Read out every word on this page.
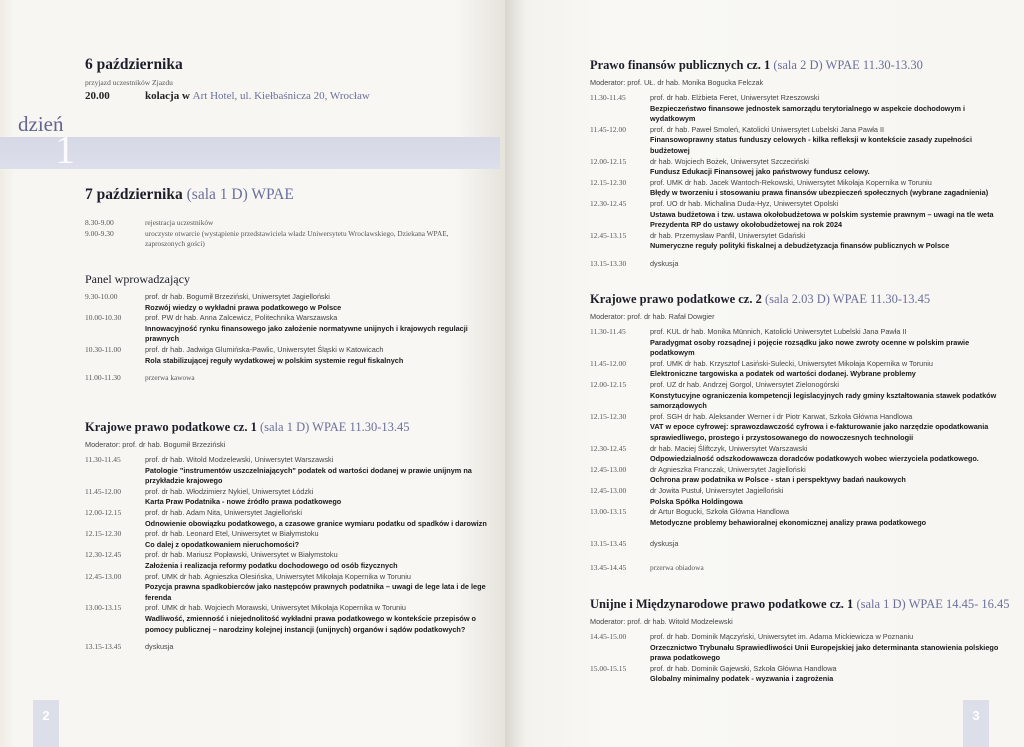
6 października
przyjazd uczestników Zjazdu
20.00	kolacja w Art Hotel, ul. Kiełbaśnicza 20, Wrocław
dzień
1
7 października (sala 1 D) WPAE
8.30-9.00	rejestracja uczestników
9.00-9.30	uroczyste otwarcie (wystąpienie przedstawiciela władz Uniwersytetu Wrocławskiego, Dziekana WPAE, zaproszonych gości)
Panel wprowadzający
9.30-10.00	prof. dr hab. Bogumił Brzeziński, Uniwersytet Jagielloński
Rozwój wiedzy o wykładni prawa podatkowego w Polsce
10.00-10.30	prof. PW dr hab. Anna Zalcewicz, Politechnika Warszawska
Innowacyjność rynku finansowego jako założenie normatywne unijnych i krajowych regulacji prawnych
10.30-11.00	prof. dr hab. Jadwiga Glumińska-Pawlic, Uniwersytet Śląski w Katowicach
Rola stabilizującej reguły wydatkowej w polskim systemie reguł fiskalnych
11.00-11.30	przerwa kawowa
Krajowe prawo podatkowe cz. 1 (sala 1 D) WPAE 11.30-13.45
Moderator: prof. dr hab. Bogumił Brzeziński
11.30-11.45	prof. dr hab. Witold Modzelewski, Uniwersytet Warszawski
Patologie "instrumentów uszczelniających" podatek od wartości dodanej w prawie unijnym na przykładzie krajowego
11.45-12.00	prof. dr hab. Włodzimierz Nykiel, Uniwersytet Łódzki
Karta Praw Podatnika - nowe źródło prawa podatkowego
12.00-12.15	prof. dr hab. Adam Nita, Uniwersytet Jagielloński
Odnowienie obowiązku podatkowego, a czasowe granice wymiaru podatku od spadków i darowizn
12.15-12.30	prof. dr hab. Leonard Etel, Uniwersytet w Białymstoku
Co dalej z opodatkowaniem nieruchomości?
12.30-12.45	prof. dr hab. Mariusz Popławski, Uniwersytet w Białymstoku
Założenia i realizacja reformy podatku dochodowego od osób fizycznych
12.45-13.00	prof. UMK dr hab. Agnieszka Olesińska, Uniwersytet Mikołaja Kopernika w Toruniu
Pozycja prawna spadkobierców jako następców prawnych podatnika – uwagi de lege lata i de lege ferenda
13.00-13.15	prof. UMK dr hab. Wojciech Morawski, Uniwersytet Mikołaja Kopernika w Toruniu
Wadliwość, zmienność i niejednolitość wykładni prawa podatkowego w kontekście przepisów o pomocy publicznej – narodziny kolejnej instancji (unijnych) organów i sądów podatkowych?
13.15-13.45	dyskusja
2
Prawo finansów publicznych cz. 1 (sala 2 D) WPAE 11.30-13.30
Moderator: prof. UŁ. dr hab. Monika Bogucka Felczak
11.30-11.45	prof. dr hab. Elżbieta Feret, Uniwersytet Rzeszowski
Bezpieczeństwo finansowe jednostek samorządu terytorialnego w aspekcie dochodowym i wydatkowym
11.45-12.00	prof. dr hab. Paweł Smoleń, Katolicki Uniwersytet Lubelski Jana Pawła II
Finansowoprawny status funduszy celowych - kilka refleksji w kontekście zasady zupełności budżetowej
12.00-12.15	dr hab. Wojciech Bożek, Uniwersytet Szczeciński
Fundusz Edukacji Finansowej jako państwowy fundusz celowy.
12.15-12.30	prof. UMK dr hab. Jacek Wantoch-Rekowski, Uniwersytet Mikołaja Kopernika w Toruniu
Błędy w tworzeniu i stosowaniu prawa finansów ubezpieczeń społecznych (wybrane zagadnienia)
12.30-12.45	prof. UO dr hab. Michalina Duda-Hyz, Uniwersytet Opolski
Ustawa budżetowa i tzw. ustawa okołobudżetowa w polskim systemie prawnym – uwagi na tle weta Prezydenta RP do ustawy okołobudżetowej na rok 2024
12.45-13.15	dr hab. Przemysław Panfil, Uniwersytet Gdański
Numeryczne reguły polityki fiskalnej a debudżetyzacja finansów publicznych w Polsce
13.15-13.30	dyskusja
Krajowe prawo podatkowe cz. 2 (sala 2.03 D) WPAE 11.30-13.45
Moderator: prof. dr hab. Rafał Dowgier
11.30-11.45	prof. KUL dr hab. Monika Münnich, Katolicki Uniwersytet Lubelski Jana Pawła II
Paradygmat osoby rozsądnej i pojęcie rozsądku jako nowe zwroty ocenne w polskim prawie podatkowym
11.45-12.00	prof. UMK dr hab. Krzysztof Lasiński-Sulecki, Uniwersytet Mikołaja Kopernika w Toruniu
Elektroniczne targowiska a podatek od wartości dodanej. Wybrane problemy
12.00-12.15	prof. UZ dr hab. Andrzej Gorgol, Uniwersytet Zielonogórski
Konstytucyjne ograniczenia kompetencji legislacyjnych rady gminy kształtowania stawek podatków samorządowych
12.15-12.30	prof. SGH dr hab. Aleksander Werner i dr Piotr Karwat, Szkoła Główna Handlowa
VAT w epoce cyfrowej: sprawozdawczość cyfrowa i e-fakturowanie jako narzędzie opodatkowania sprawiedliwego, prostego i przystosowanego do nowoczesnych technologii
12.30-12.45	dr hab. Maciej Śliftczyk, Uniwersytet Warszawski
Odpowiedzialność odszkodowawcza doradców podatkowych wobec wierzyciela podatkowego.
12.45-13.00	dr Agnieszka Franczak, Uniwersytet Jagielloński
Ochrona praw podatnika w Polsce - stan i perspektywy badań naukowych
12.45-13.00	dr Jowita Pustuł, Uniwersytet Jagielloński
Polska Spółka Holdingowa
13.00-13.15	dr Artur Bogucki, Szkoła Główna Handlowa
Metodyczne problemy behawioralnej ekonomicznej analizy prawa podatkowego
13.15-13.45	dyskusja
13.45-14.45	przerwa obiadowa
Unijne i Międzynarodowe prawo podatkowe cz. 1 (sala 1 D) WPAE 14.45- 16.45
Moderator: prof. dr hab. Witold Modzelewski
14.45-15.00	prof. dr hab. Dominik Mączyński, Uniwersytet im. Adama Mickiewicza w Poznaniu
Orzecznictwo Trybunału Sprawiedliwości Unii Europejskiej jako determinanta stanowienia polskiego prawa podatkowego
15.00-15.15	prof. dr hab. Dominik Gajewski, Szkoła Główna Handlowa
Globalny minimalny podatek - wyzwania i zagrożenia
3
